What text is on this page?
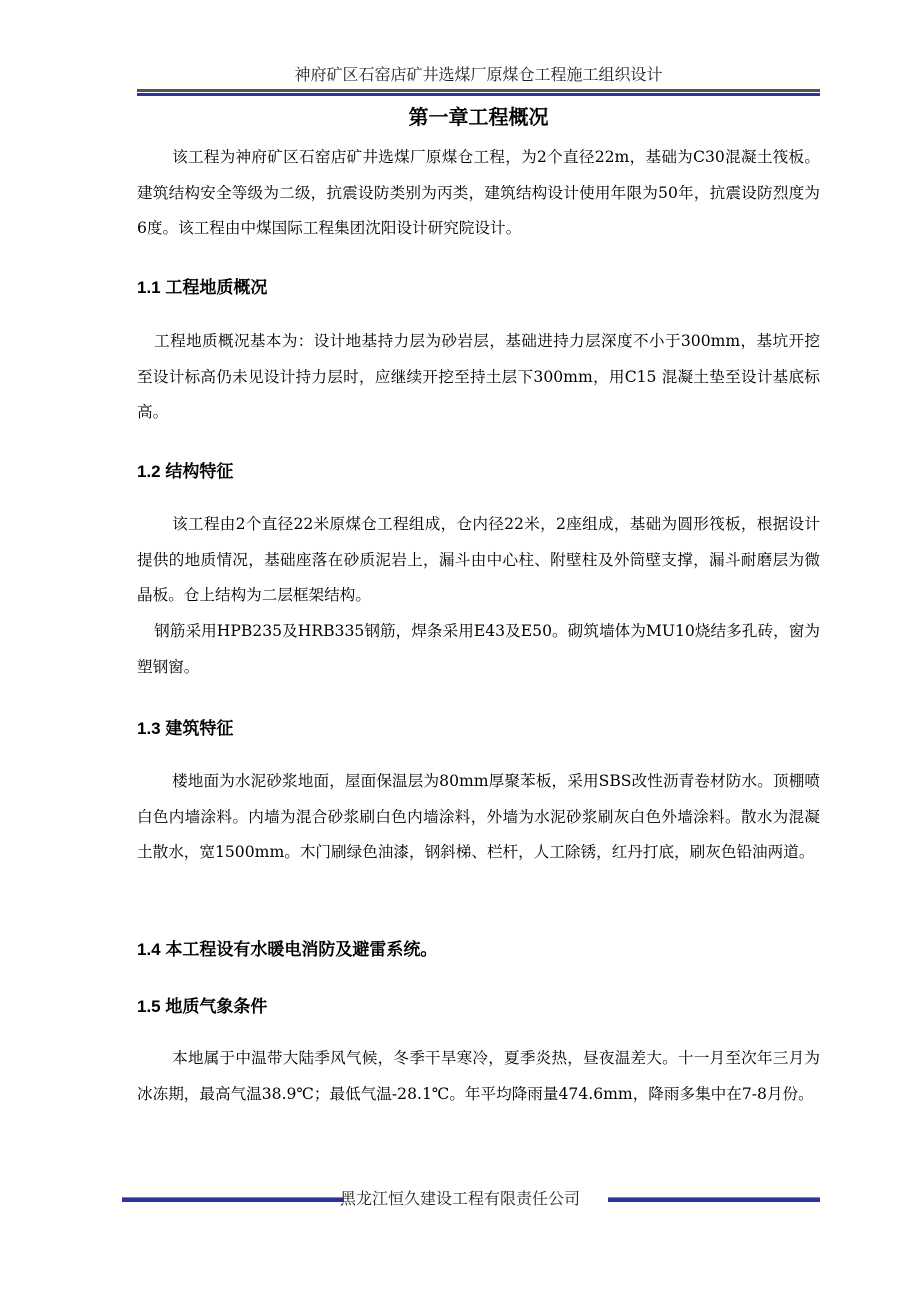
神府矿区石窑店矿井选煤厂原煤仓工程施工组织设计
第一章工程概况

该工程为神府矿区石窑店矿井选煤厂原煤仓工程，为2个直径22m，基础为C30混凝土筏板。建筑结构安全等级为二级，抗震设防类别为丙类，建筑结构设计使用年限为50年，抗震设防烈度为6度。该工程由中煤国际工程集团沈阳设计研究院设计。

1.1 工程地质概况

工程地质概况基本为：设计地基持力层为砂岩层，基础进持力层深度不小于300mm，基坑开挖至设计标高仍未见设计持力层时，应继续开挖至持土层下300mm，用C15 混凝土垫至设计基底标高。

1.2 结构特征

该工程由2个直径22米原煤仓工程组成，仓内径22米，2座组成，基础为圆形筏板，根据设计提供的地质情况，基础座落在砂质泥岩上，漏斗由中心柱、附壁柱及外筒壁支撑，漏斗耐磨层为微晶板。仓上结构为二层框架结构。

钢筋采用HPB235及HRB335钢筋，焊条采用E43及E50。砌筑墙体为MU10烧结多孔砖，窗为塑钢窗。

1.3 建筑特征

楼地面为水泥砂浆地面，屋面保温层为80mm厚聚苯板，采用SBS改性沥青卷材防水。顶棚喷白色内墙涂料。内墙为混合砂浆刷白色内墙涂料，外墙为水泥砂浆刷灰白色外墙涂料。散水为混凝土散水，宽1500mm。木门刷绿色油漆，钢斜梯、栏杆，人工除锈，红丹打底，刷灰色铅油两道。

1.4 本工程设有水暖电消防及避雷系统。
1.5 地质气象条件

本地属于中温带大陆季风气候，冬季干旱寒冷，夏季炎热，昼夜温差大。十一月至次年三月为冰冻期，最高气温38.9℃；最低气温-28.1℃。年平均降雨量474.6mm，降雨多集中在7-8月份。

黑龙江恒久建设工程有限责任公司
